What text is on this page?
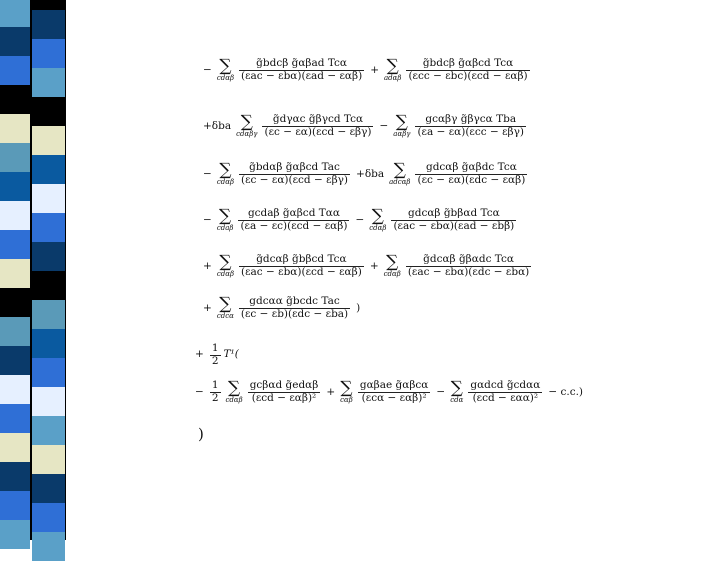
− ∑
cdαβ $\frac{\text{g̃bdcβ g̃αβad Tcα}}{\text{(εac − εbα)(εad − εαβ)}}$ + ∑
adαβ $\frac{\text{g̃bdcβ g̃αβcd Tcα}}{\text{(εcc − εbc)(εcd − εαβ)}}$
+δba ∑
cdαβγ $\frac{\text{g̃dγαc g̃βγcd Tcα}}{\text{(εc − εα)(εcd − εβγ)}}$ − ∑
aαβγ $\frac{\text{gcαβγ g̃βγcα Tba}}{\text{(εa − εα)(εcc − εβγ)}}$
− ∑
cdαβ $\frac{\text{g̃bdαβ g̃αβcd Tac}}{\text{(εc − εα)(εcd − εβγ)}} +\delta ba$ ∑
adcαβ $\frac{\text{gdcαβ g̃αβdc Tcα}}{\text{(εc − εα)(εdc − εαβ)}}$
− ∑
cdaβ $\frac{\text{gcdaβ g̃αβcd Tαα}}{\text{(εa − εc)(εcd − εαβ)}}$ − ∑
cdαβ $\frac{\text{gdcαβ g̃bβαd Tcα}}{\text{(εac − εbα)(εad − εbβ)}}$
+ ∑
cdαβ $\frac{\text{g̃dcαβ g̃bβcd Tcα}}{\text{(εac − εbα)(εcd − εαβ)}}$ + ∑
cdαβ $\frac{\text{g̃dcαβ g̃βαdc Tcα}}{\text{(εac − εbα)(εdc − εbα)}}$
+ ∑
cdcα $\frac{\text{gdcαα g̃bcdc Tac}}{\text{(εc − εb)(εdc − εba)}}$ )
+ $\frac{1}{2} T^1$(
− $\frac{1}{2}$ ∑
cdαβ $\frac{\text{gcβαd g̃edαβ}}{\text{(εcd − εαβ)²}}$ + ∑
cαβ $\frac{\text{gαβae g̃αβcα}}{\text{(εcα − εαβ)²}}$ − ∑
cdα $\frac{\text{gαdcd g̃cdαα}}{\text{(εcd − εαα)²}} - c.c$.)
)
